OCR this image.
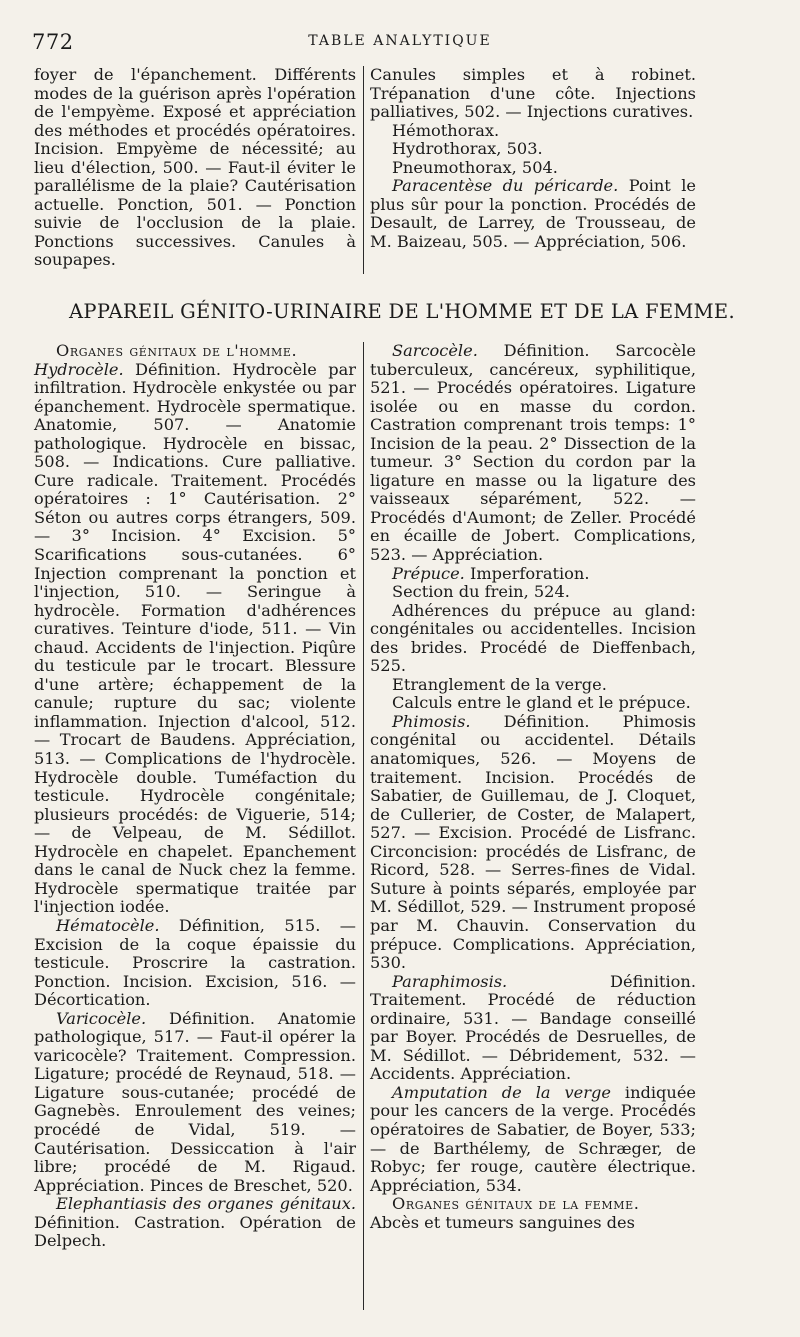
772	TABLE ANALYTIQUE

foyer de l'épanchement. Différents modes de la guérison après l'opération de l'empyème. Exposé et appréciation des méthodes et procédés opératoires. Incision. Empyème de nécessité; au lieu d'élection, 500. — Faut-il éviter le parallélisme de la plaie? Cautérisation actuelle. Ponction, 501. — Ponction suivie de l'occlusion de la plaie. Ponctions successives. Canules à soupapes.

Canules simples et à robinet. Trépanation d'une côte. Injections palliatives, 502. — Injections curatives.

Hémothorax.

Hydrothorax, 503.

Pneumothorax, 504.

Paracentèse du péricarde. Point le plus sûr pour la ponction. Procédés de Desault, de Larrey, de Trousseau, de M. Baizeau, 505. — Appréciation, 506.

APPAREIL GÉNITO-URINAIRE DE L'HOMME ET DE LA FEMME.

Organes génitaux de l'homme.

Hydrocèle. Définition. Hydrocèle par infiltration. Hydrocèle enkystée ou par épanchement. Hydrocèle spermatique. Anatomie, 507. — Anatomie pathologique. Hydrocèle en bissac, 508. — Indications. Cure palliative. Cure radicale. Traitement. Procédés opératoires : 1° Cautérisation. 2° Séton ou autres corps étrangers, 509. — 3° Incision. 4° Excision. 5° Scarifications sous-cutanées. 6° Injection comprenant la ponction et l'injection, 510. — Seringue à hydrocèle. Formation d'adhérences curatives. Teinture d'iode, 511. — Vin chaud. Accidents de l'injection. Piqûre du testicule par le trocart. Blessure d'une artère; échappement de la canule; rupture du sac; violente inflammation. Injection d'alcool, 512. — Trocart de Baudens. Appréciation, 513. — Complications de l'hydrocèle. Hydrocèle double. Tuméfaction du testicule. Hydrocèle congénitale; plusieurs procédés: de Viguerie, 514; — de Velpeau, de M. Sédillot. Hydrocèle en chapelet. Epanchement dans le canal de Nuck chez la femme. Hydrocèle spermatique traitée par l'injection iodée.

Hématocèle. Définition, 515. — Excision de la coque épaissie du testicule. Proscrire la castration. Ponction. Incision. Excision, 516. — Décortication.

Varicocèle. Définition. Anatomie pathologique, 517. — Faut-il opérer la varicocèle? Traitement. Compression. Ligature; procédé de Reynaud, 518. — Ligature sous-cutanée; procédé de Gagnebès. Enroulement des veines; procédé de Vidal, 519. — Cautérisation. Dessiccation à l'air libre; procédé de M. Rigaud. Appréciation. Pinces de Breschet, 520.

Elephantiasis des organes génitaux. Définition. Castration. Opération de Delpech.

Sarcocèle. Définition. Sarcocèle tuberculeux, cancéreux, syphilitique, 521. — Procédés opératoires. Ligature isolée ou en masse du cordon. Castration comprenant trois temps: 1° Incision de la peau. 2° Dissection de la tumeur. 3° Section du cordon par la ligature en masse ou la ligature des vaisseaux séparément, 522. — Procédés d'Aumont; de Zeller. Procédé en écaille de Jobert. Complications, 523. — Appréciation.

Prépuce. Imperforation.

Section du frein, 524.

Adhérences du prépuce au gland: congénitales ou accidentelles. Incision des brides. Procédé de Dieffenbach, 525.

Etranglement de la verge.

Calculs entre le gland et le prépuce.

Phimosis. Définition. Phimosis congénital ou accidentel. Détails anatomiques, 526. — Moyens de traitement. Incision. Procédés de Sabatier, de Guillemau, de J. Cloquet, de Cullerier, de Coster, de Malapert, 527. — Excision. Procédé de Lisfranc. Circoncision: procédés de Lisfranc, de Ricord, 528. — Serres-fines de Vidal. Suture à points séparés, employée par M. Sédillot, 529. — Instrument proposé par M. Chauvin. Conservation du prépuce. Complications. Appréciation, 530.

Paraphimosis. Définition. Traitement. Procédé de réduction ordinaire, 531. — Bandage conseillé par Boyer. Procédés de Desruelles, de M. Sédillot. — Débridement, 532. — Accidents. Appréciation.

Amputation de la verge indiquée pour les cancers de la verge. Procédés opératoires de Sabatier, de Boyer, 533; — de Barthélemy, de Schræger, de Robyc; fer rouge, cautère électrique. Appréciation, 534.

Organes génitaux de la femme.

Abcès et tumeurs sanguines des
